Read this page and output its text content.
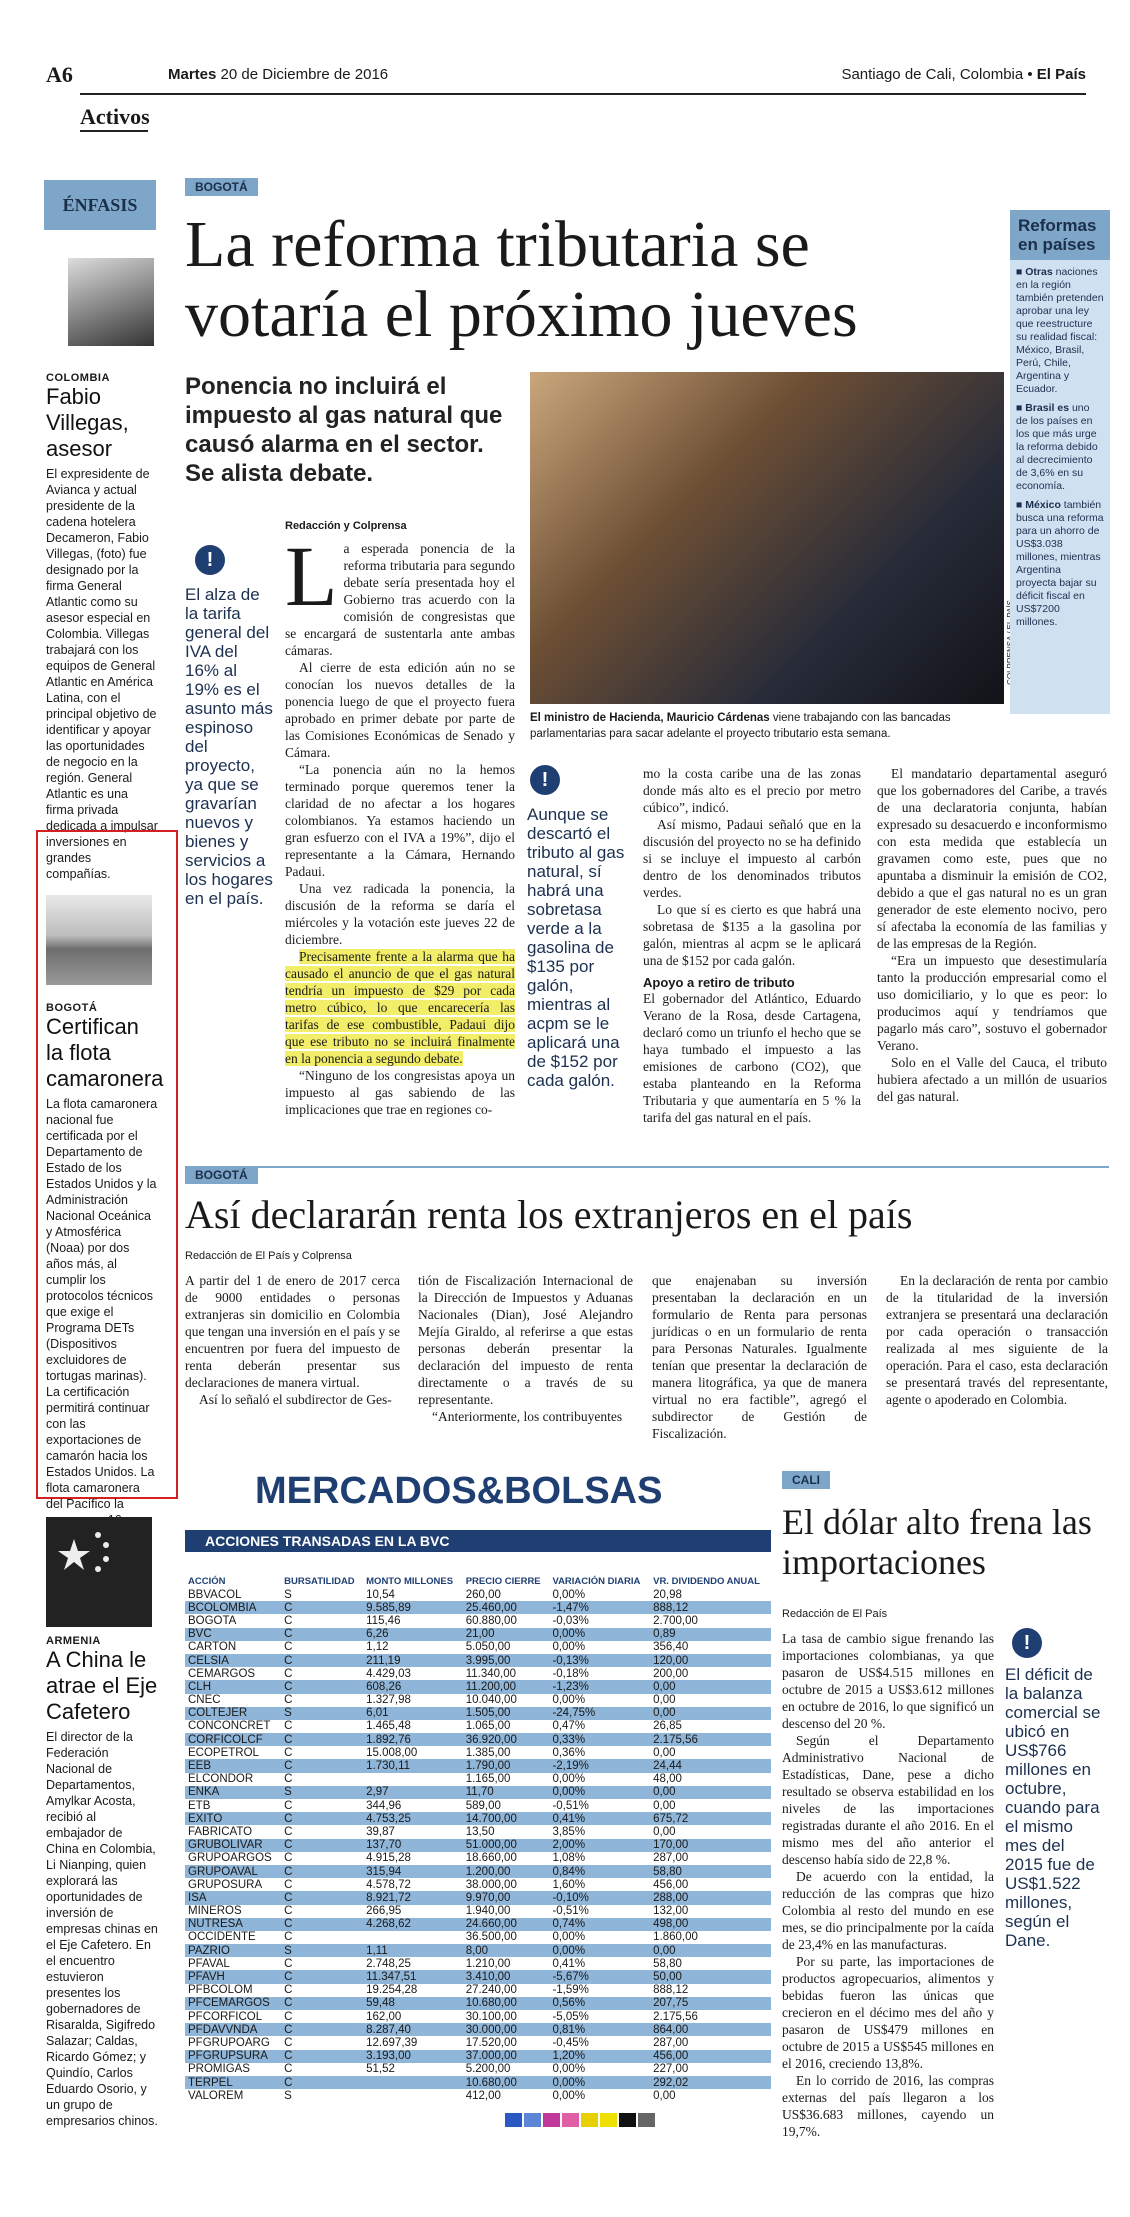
A6	Martes 20 de Diciembre de 2016	Santiago de Cali, Colombia • El País
Activos
ÉNFASIS
COLOMBIA
Fabio Villegas, asesor
El expresidente de Avianca y actual presidente de la cadena hotelera Decameron, Fabio Villegas, (foto) fue designado por la firma General Atlantic como su asesor especial en Colombia. Villegas trabajará con los equipos de General Atlantic en América Latina, con el principal objetivo de identificar y apoyar las oportunidades de negocio en la región. General Atlantic es una firma privada dedicada a impulsar inversiones en grandes compañías.
BOGOTÁ
Certifican la flota camaronera
La flota camaronera nacional fue certificada por el Departamento de Estado de los Estados Unidos y la Administración Nacional Oceánica y Atmosférica (Noaa) por dos años más, al cumplir los protocolos técnicos que exige el Programa DETs (Dispositivos excluidores de tortugas marinas). La certificación permitirá continuar con las exportaciones de camarón hacia los Estados Unidos. La flota camaronera del Pacífico la
ARMENIA
A China le atrae el Eje Cafetero
El director de la Federación Nacional de Departamentos, Amylkar Acosta, recibió al embajador de China en Colombia, Li Nianping, quien explorará las oportunidades de inversión de empresas chinas en el Eje Cafetero. En el encuentro estuvieron presentes los gobernadores de Risaralda, Sigifredo Salazar; Caldas, Ricardo Gómez; y Quindío, Carlos Eduardo Osorio, y un grupo de empresarios chinos.
BOGOTÁ
La reforma tributaria se votaría el próximo jueves
Ponencia no incluirá el impuesto al gas natural que causó alarma en el sector. Se alista debate.
El ministro de Hacienda, Mauricio Cárdenas viene trabajando con las bancadas parlamentarias para sacar adelante el proyecto tributario esta semana.
Redacción y Colprensa
!
El alza de la tarifa general del IVA del 16% al 19% es el asunto más espinoso del proyecto, ya que se gravarían nuevos y bienes y servicios a los hogares en el país.
La esperada ponencia de la reforma tributaria para segundo debate sería presentada hoy el Gobierno tras acuerdo con la comisión de congresistas que se encargará de sustentarla ante ambas cámaras.
Al cierre de esta edición aún no se conocían los nuevos detalles de la ponencia luego de que el proyecto fuera aprobado en primer debate por parte de las Comisiones Económicas de Senado y Cámara.
“La ponencia aún no la hemos terminado porque queremos tener la claridad de no afectar a los hogares colombianos. Ya estamos haciendo un gran esfuerzo con el IVA a 19%”, dijo el representante a la Cámara, Hernando Padaui.
Una vez radicada la ponencia, la discusión de la reforma se daría el miércoles y la votación este jueves 22 de diciembre.
Precisamente frente a la alarma que ha causado el anuncio de que el gas natural tendría un impuesto de $29 por cada metro cúbico, lo que encarecería las tarifas de ese combustible, Padaui dijo que ese tributo no se incluirá finalmente en la ponencia a segundo debate.
“Ninguno de los congresistas apoya un impuesto al gas sabiendo de las implicaciones que trae en regiones co-
!
Aunque se descartó el tributo al gas natural, sí habrá una sobretasa verde a la gasolina de $135 por galón, mientras al acpm se le aplicará una de $152 por cada galón.
mo la costa caribe una de las zonas donde más alto es el precio por metro cúbico”, indicó.
Así mismo, Padaui señaló que en la discusión del proyecto no se ha definido si se incluye el impuesto al carbón dentro de los denominados tributos verdes.
Lo que sí es cierto es que habrá una sobretasa de $135 a la gasolina por galón, mientras al acpm se le aplicará una de $152 por cada galón.
Apoyo a retiro de tributo
El gobernador del Atlántico, Eduardo Verano de la Rosa, desde Cartagena, declaró como un triunfo el hecho que se haya tumbado el impuesto a las emisiones de carbono (CO2), que estaba planteando en la Reforma Tributaria y que aumentaría en 5 % la tarifa del gas natural en el país.
El mandatario departamental aseguró que los gobernadores del Caribe, a través de una declaratoria conjunta, habían expresado su desacuerdo e inconformismo con esta medida que establecía un gravamen como este, pues que no apuntaba a disminuir la emisión de CO2, debido a que el gas natural no es un gran generador de este elemento nocivo, pero sí afectaba la economía de las familias y de las empresas de la Región.
“Era un impuesto que desestimularía tanto la producción empresarial como el uso domiciliario, y lo que es peor: lo producimos aquí y tendríamos que pagarlo más caro”, sostuvo el gobernador Verano.
Solo en el Valle del Cauca, el tributo hubiera afectado a un millón de usuarios del gas natural.
Reformas en países
■ Otras naciones en la región también pretenden aprobar una ley que reestructure su realidad fiscal: México, Brasil, Perú, Chile, Argentina y Ecuador.
■ Brasil es uno de los países en los que más urge la reforma debido al decrecimiento de 3,6% en su economía.
■ México también busca una reforma para un ahorro de US$3.038 millones, mientras Argentina proyecta bajar su déficit fiscal en US$7200 millones.
BOGOTÁ
Así declararán renta los extranjeros en el país
Redacción de El País y Colprensa
A partir del 1 de enero de 2017 cerca de 9000 entidades o personas extranjeras sin domicilio en Colombia que tengan una inversión en el país y se encuentren por fuera del impuesto de renta deberán presentar sus declaraciones de manera virtual.
Así lo señaló el subdirector de Ges-
tión de Fiscalización Internacional de la Dirección de Impuestos y Aduanas Nacionales (Dian), José Alejandro Mejía Giraldo, al referirse a que estas personas deberán presentar la declaración del impuesto de renta directamente o a través de su representante.
“Anteriormente, los contribuyentes
que enajenaban su inversión presentaban la declaración en un formulario de Renta para personas jurídicas o en un formulario de renta para Personas Naturales. Igualmente tenían que presentar la declaración de manera litográfica, ya que de manera virtual no era factible”, agregó el subdirector de Gestión de Fiscalización.
En la declaración de renta por cambio de la titularidad de la inversión extranjera se presentará una declaración por cada operación o transacción realizada al mes siguiente de la operación. Para el caso, esta declaración se presentará través del representante, agente o apoderado en Colombia.
MERCADOS&BOLSAS
ACCIONES TRANSADAS EN LA BVC
ACCIÓN	BURSATILIDAD	MONTO MILLONES	PRECIO CIERRE	VARIACIÓN DIARIA	VR. DIVIDENDO ANUAL
BBVACOL	S	10,54	260,00	0,00%	20,98
BCOLOMBIA	C	9.585,89	25.460,00	-1,47%	888,12
BOGOTA	C	115,46	60.880,00	-0,03%	2.700,00
BVC	C	6,26	21,00	0,00%	0,89
CARTON	C	1,12	5.050,00	0,00%	356,40
CELSIA	C	211,19	3.995,00	-0,13%	120,00
CEMARGOS	C	4.429,03	11.340,00	-0,18%	200,00
CLH	C	608,26	11.200,00	-1,23%	0,00
CNEC	C	1.327,98	10.040,00	0,00%	0,00
COLTEJER	S	6,01	1.505,00	-24,75%	0,00
CONCONCRET	C	1.465,48	1.065,00	0,47%	26,85
CORFICOLCF	C	1.892,76	36.920,00	0,33%	2.175,56
ECOPETROL	C	15.008,00	1.385,00	0,36%	0,00
EEB	C	1.730,11	1.790,00	-2,19%	24,44
ELCONDOR	C		1.165,00	0,00%	48,00
ENKA	S	2,97	11,70	0,00%	0,00
ETB	C	344,96	589,00	-0,51%	0,00
EXITO	C	4.753,25	14.700,00	0,41%	675,72
FABRICATO	C	39,87	13,50	3,85%	0,00
GRUBOLIVAR	C	137,70	51.000,00	2,00%	170,00
GRUPOARGOS	C	4.915,28	18.660,00	1,08%	287,00
GRUPOAVAL	C	315,94	1.200,00	0,84%	58,80
GRUPOSURA	C	4.578,72	38.000,00	1,60%	456,00
ISA	C	8.921,72	9.970,00	-0,10%	288,00
MINEROS	C	266,95	1.940,00	-0,51%	132,00
NUTRESA	C	4.268,62	24.660,00	0,74%	498,00
OCCIDENTE	C		36.500,00	0,00%	1.860,00
PAZRIO	S	1,11	8,00	0,00%	0,00
PFAVAL	C	2.748,25	1.210,00	0,41%	58,80
PFAVH	C	11.347,51	3.410,00	-5,67%	50,00
PFBCOLOM	C	19.254,28	27.240,00	-1,59%	888,12
PFCEMARGOS	C	59,48	10.680,00	0,56%	207,75
PFCORFICOL	C	162,00	30.100,00	-5,05%	2.175,56
PFDAVVNDA	C	8.287,40	30.000,00	0,81%	864,00
PFGRUPOARG	C	12.697,39	17.520,00	-0,45%	287,00
PFGRUPSURA	C	3.193,00	37.000,00	1,20%	456,00
PROMIGAS	C	51,52	5.200,00	0,00%	227,00
TERPEL	C		10.680,00	0,00%	292,02
VALOREM	S		412,00	0,00%	0,00
CALI
El dólar alto frena las importaciones
Redacción de El País
La tasa de cambio sigue frenando las importaciones colombianas, ya que pasaron de US$4.515 millones en octubre de 2015 a US$3.612 millones en octubre de 2016, lo que significó un descenso del 20 %.
Según el Departamento Administrativo Nacional de Estadísticas, Dane, pese a dicho resultado se observa estabilidad en los niveles de las importaciones registradas durante el año 2016. En el mismo mes del año anterior el descenso había sido de 22,8 %.
De acuerdo con la entidad, la reducción de las compras que hizo Colombia al resto del mundo en ese mes, se dio principalmente por la caída de 23,4% en las manufacturas.
Por su parte, las importaciones de productos agropecuarios, alimentos y bebidas fueron las únicas que crecieron en el décimo mes del año y pasaron de US$479 millones en octubre de 2015 a US$545 millones en el 2016, creciendo 13,8%.
En lo corrido de 2016, las compras externas del país llegaron a los US$36.683 millones, cayendo un 19,7%.
!
El déficit de la balanza comercial se ubicó en US$766 millones en octubre, cuando para el mismo mes del 2015 fue de US$1.522 millones, según el Dane.
